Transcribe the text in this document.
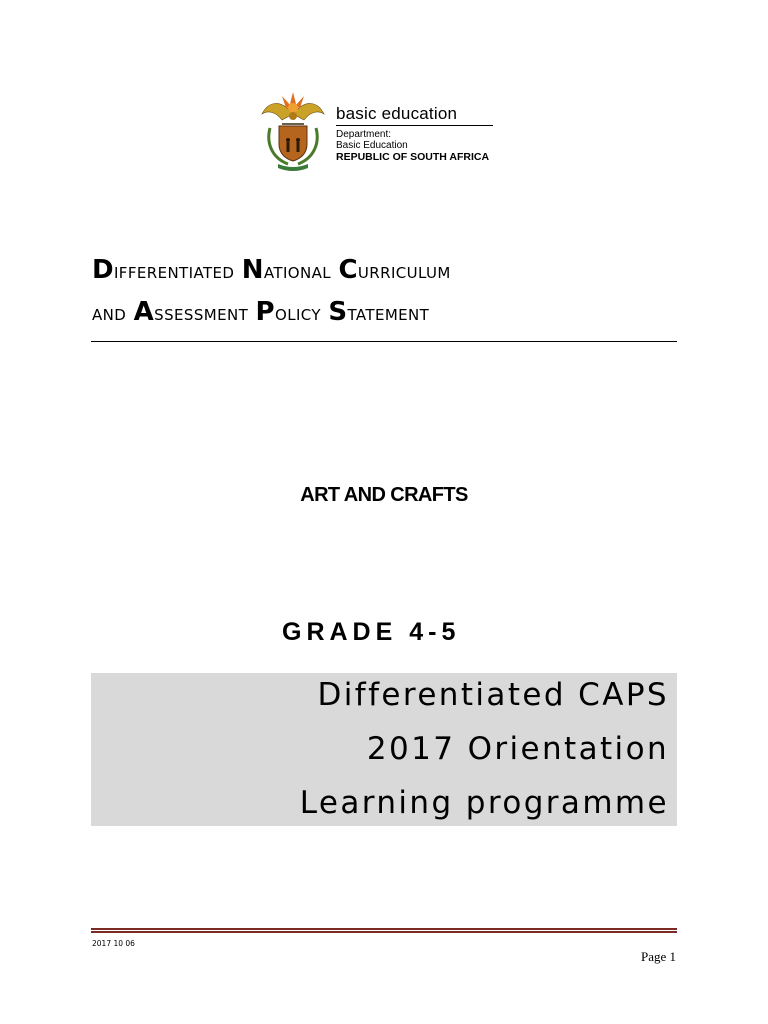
basic education
Department:
Basic Education
REPUBLIC OF SOUTH AFRICA
Differentiated National Curriculum
and Assessment Policy Statement
ART AND CRAFTS
GRADE 4-5
Differentiated CAPS
2017 Orientation
Learning programme
2017 10 06
Page 1
